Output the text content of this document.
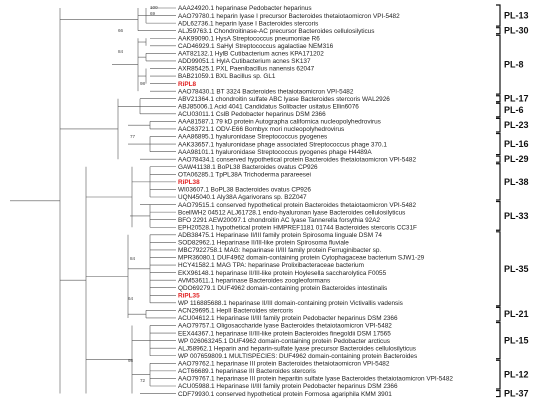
AAA24920.1 heparinase Pedobacter heparinus
AAO79780.1 heparin lyase I precursor Bacteroides thetaiotaomicron VPI-5482
ADL62736.1 heparin lyase I Bacteroides stercoris
ALJ59763.1 Chondroitinase-AC precursor Bacteroides cellulosilyticus
AAK99090.1 HysA Streptococcus pneumoniae R6
CAD46929.1 SaHyl Streptococcus agalactiae NEM316
AAT82132.1 HylB Cutibacterium acnes KPA171202
ADD99051.1 HylA Cutibacterium acnes SK137
AXR85425.1 PXL Paenibacillus nanensis 62047
BAB21059.1 BXL Bacillus sp. GL1
RiPL8
AAO78430.1 BT 3324 Bacteroides thetaiotaomicron VPI-5482
ABV21364.1 chondroitin sulfate ABC lyase Bacteroides stercoris WAL2926
ABJ85006.1 Acid 4041 Candidatus Solibacter usitatus Ellin6076
ACU03011.1 CslB Pedobacter heparinus DSM 2366
AAA81587.1 79 kD protein Autographa californica nucleopolyhedrovirus
AAC63721.1 ODV-E66 Bombyx mori nucleopolyhedrovirus
AAA86895.1 hyaluronidase Streptococcus pyogenes
AAK33657.1 hyaluronidase phage associated Streptococcus phage 370.1
AAA98101.1 hyaluronidase Streptococcus pyogenes phage H4489A
AAO78434.1 conserved hypothetical protein Bacteroides thetaiotaomicron VPI-5482
GAW41138.1 BoPL38 Bacteroides ovatus CP926
OTA06285.1 TpPL38A Trichoderma parareesei
RiPL38
WI03607.1 BoPL38 Bacteroides ovatus CP926
UQN45040.1 Aly38A Agarivorans sp. B2Z047
AAO79515.1 conserved hypothetical protein Bacteroides thetaiotaomicron VPI-5482
BcellWH2 04512 ALJ61728.1 endo-hyaluronan lyase Bacteroides cellulosilyticus
BFO 2291 AEW20097.1 chondroitin AC lyase Tannerella forsythia 92A2
EPH20528.1 hypothetical protein HMPREF1181 01744 Bacteroides stercoris CC31F
ADB38475.1 Heparinase II/III family protein Spirosoma linguale DSM 74
SOD82962.1 Heparinase II/III-like protein Spirosoma fluviale
MBC7922758.1 MAG: heparinase II/III family protein Ferruginibacter sp.
MPR36080.1 DUF4962 domain-containing protein Cytophagaceae bacterium SJW1-29
HCY41582.1 MAG TPA: heparinase Prolixibacteraceae bacterium
EKX96148.1 heparinase II/III-like protein Hoylesella saccharolytica F0055
AVM53611.1 heparinase Bacteroides zoogleoformans
QDO69279.1 DUF4962 domain-containing protein Bacteroides intestinalis
RiPL35
WP 116885688.1 heparinase II/III domain-containing protein Victivallis vadensis
ACN29695.1 HepII Bacteroides stercoris
ACU04612.1 Heparinase II/III family protein Pedobacter heparinus DSM 2366
AAO79757.1 Oligosaccharide lyase Bacteroides thetaiotaomicron VPI-5482
EEX44367.1 heparinase II/III-like protein Bacteroides finegoldii DSM 17565
WP 026063245.1 DUF4962 domain-containing protein Pedobacter arcticus
ALJ58962.1 Heparin and heparin-sulfate lyase precursor Bacteroides cellulosilyticus
WP 007659809.1 MULTISPECIES: DUF4962 domain-containing protein Bacteroides
AAO79762.1 heparinase III protein Bacteroides thetaiotaomicron VPI-5482
ACT66689.1 heparinase III Bacteroides stercoris
AAO79767.1 heparinase III protein heparitin sulfate lyase Bacteroides thetaiotaomicron VPI-5482
ACU05988.1 Heparinase II/III family protein Pedobacter heparinus DSM 2366
CDF79930.1 conserved hypothetical protein Formosa agariphila KMM 3901
100
69
66
84
98
77
84
64
98
72
PL-13
PL-30
PL-8
PL-17
PL-6
PL-23
PL-16
PL-29
PL-38
PL-33
PL-35
PL-21
PL-15
PL-12
PL-37
